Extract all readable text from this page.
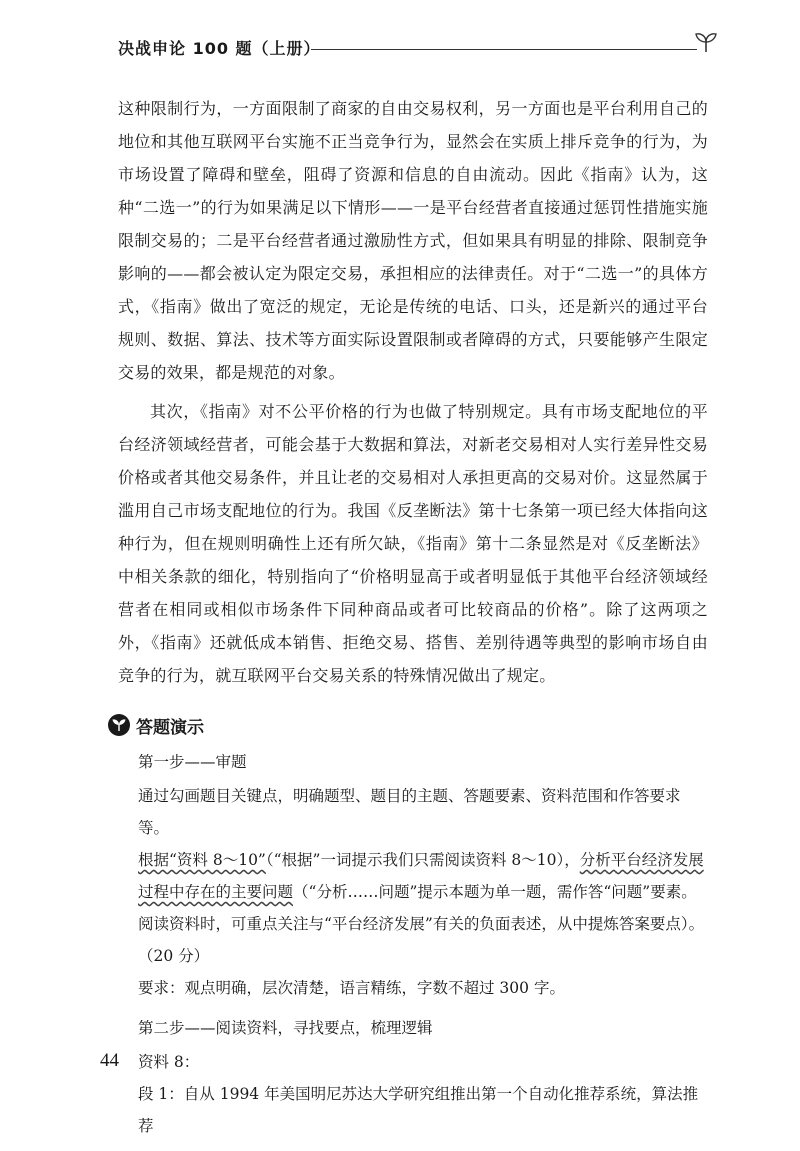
决战申论 100 题（上册）

这种限制行为，一方面限制了商家的自由交易权利，另一方面也是平台利用自己的地位和其他互联网平台实施不正当竞争行为，显然会在实质上排斥竞争的行为，为市场设置了障碍和壁垒，阻碍了资源和信息的自由流动。因此《指南》认为，这种“二选一”的行为如果满足以下情形——一是平台经营者直接通过惩罚性措施实施限制交易的；二是平台经营者通过激励性方式，但如果具有明显的排除、限制竞争影响的——都会被认定为限定交易，承担相应的法律责任。对于“二选一”的具体方式，《指南》做出了宽泛的规定，无论是传统的电话、口头，还是新兴的通过平台规则、数据、算法、技术等方面实际设置限制或者障碍的方式，只要能够产生限定交易的效果，都是规范的对象。

其次，《指南》对不公平价格的行为也做了特别规定。具有市场支配地位的平台经济领域经营者，可能会基于大数据和算法，对新老交易相对人实行差异性交易价格或者其他交易条件，并且让老的交易相对人承担更高的交易对价。这显然属于滥用自己市场支配地位的行为。我国《反垄断法》第十七条第一项已经大体指向这种行为，但在规则明确性上还有所欠缺，《指南》第十二条显然是对《反垄断法》中相关条款的细化，特别指向了“价格明显高于或者明显低于其他平台经济领域经营者在相同或相似市场条件下同种商品或者可比较商品的价格”。除了这两项之外，《指南》还就低成本销售、拒绝交易、搭售、差别待遇等典型的影响市场自由竞争的行为，就互联网平台交易关系的特殊情况做出了规定。

答题演示

第一步——审题

通过勾画题目关键点，明确题型、题目的主题、答题要素、资料范围和作答要求等。

根据“资料 8～10”（“根据”一词提示我们只需阅读资料 8～10），分析平台经济发展过程中存在的主要问题（“分析……问题”提示本题为单一题，需作答“问题”要素。阅读资料时，可重点关注与“平台经济发展”有关的负面表述，从中提炼答案要点）。（20 分）

要求：观点明确，层次清楚，语言精练，字数不超过 300 字。

第二步——阅读资料，寻找要点，梳理逻辑

资料 8：

段 1：自从 1994 年美国明尼苏达大学研究组推出第一个自动化推荐系统，算法推荐

44
